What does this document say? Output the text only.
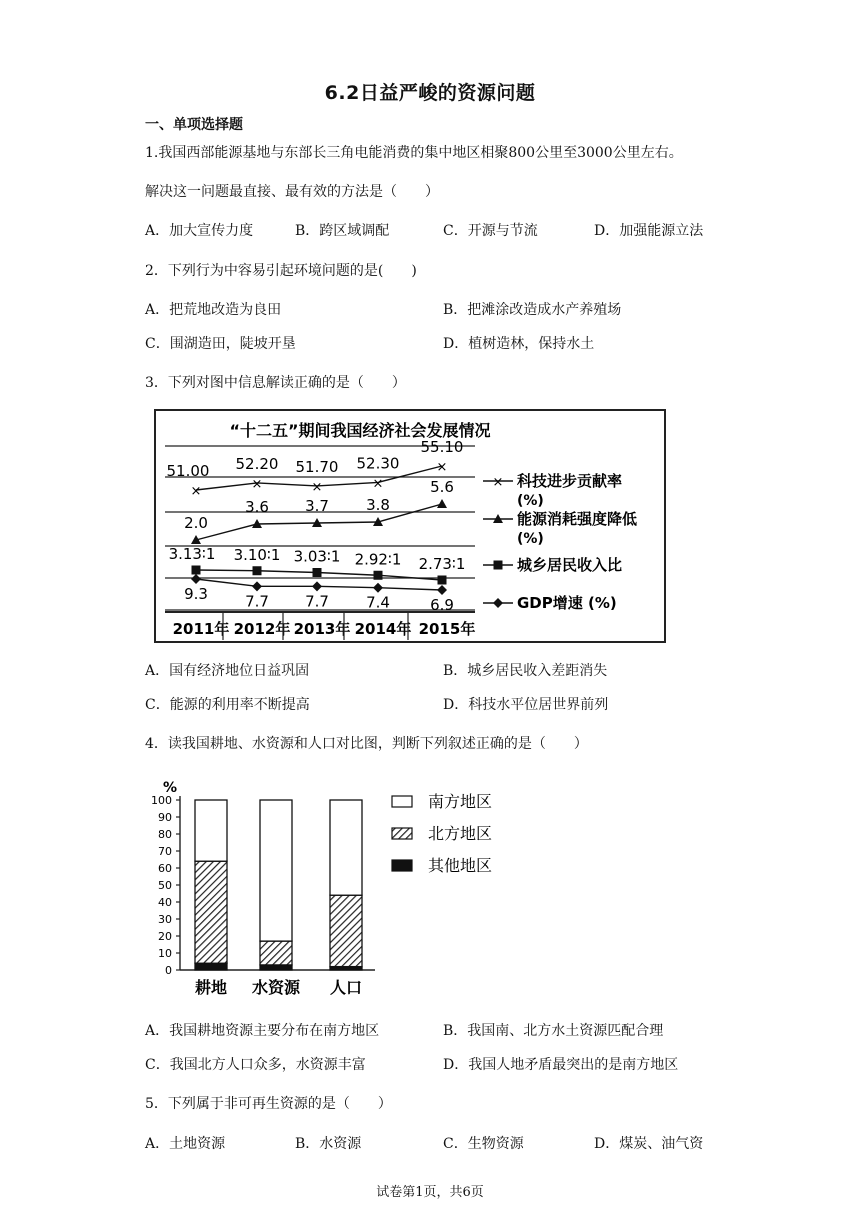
6.2日益严峻的资源问题
一、单项选择题
1.我国西部能源基地与东部长三角电能消费的集中地区相聚800公里至3000公里左右。
解决这一问题最直接、最有效的方法是（　　）
A．加大宣传力度	B．跨区域调配	C．开源与节流	D．加强能源立法
2．下列行为中容易引起环境问题的是(　　)
A．把荒地改造为良田	B．把滩涂改造成水产养殖场
C．围湖造田，陡坡开垦	D．植树造林，保持水土
3．下列对图中信息解读正确的是（　　）
“十二五”期间我国经济社会发展情况
×	×	×	×
×
51.00 52.20 51.70 52.30
55.10
2.0
3.6 3.7 3.8
5.6
3.13∶1 3.10∶1 3.03∶1 2.92∶1 2.73∶1
9.3 7.7 7.7 7.4	6.9
2011年 2012年 2013年 2014年 2015年
× 科技进步贡献率
(%)
能源消耗强度降低
(%)
城乡居民收入比
GDP增速 (%)
A．国有经济地位日益巩固	B．城乡居民收入差距消失
C．能源的利用率不断提高	D．科技水平位居世界前列
4．读我国耕地、水资源和人口对比图，判断下列叙述正确的是（　　）
%
0
10
20
30
40
50
60
70
80
90
100
耕地 水资源 人口
南方地区
北方地区
其他地区
A．我国耕地资源主要分布在南方地区	B．我国南、北方水土资源匹配合理
C．我国北方人口众多，水资源丰富	D．我国人地矛盾最突出的是南方地区
5．下列属于非可再生资源的是（　　）
A．土地资源	B．水资源	C．生物资源	D．煤炭、油气资
试卷第1页，共6页
